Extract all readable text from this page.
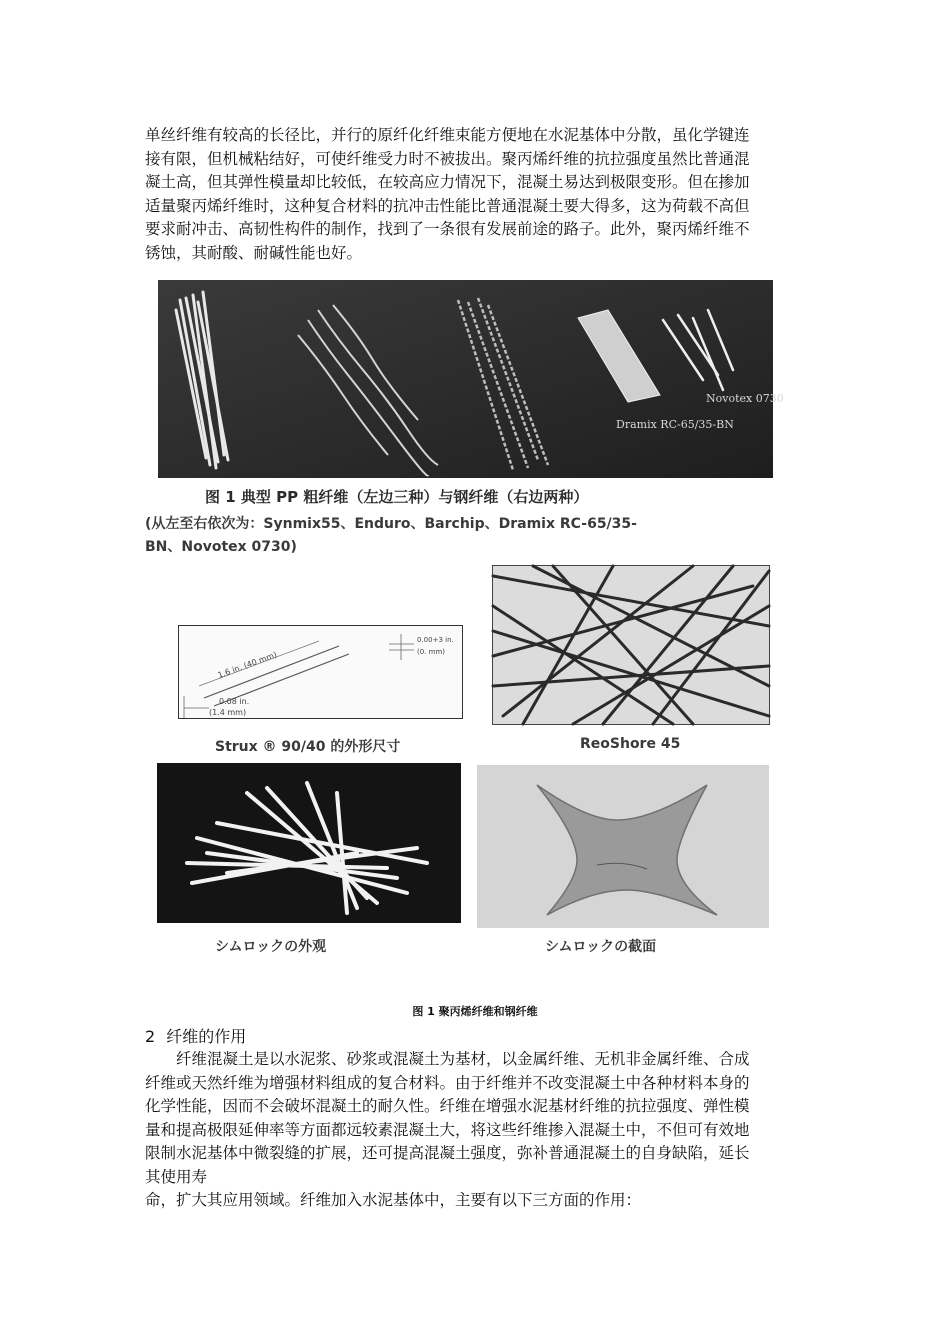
单丝纤维有较高的长径比，并行的原纤化纤维束能方便地在水泥基体中分散，虽化学键连
接有限，但机械粘结好，可使纤维受力时不被拔出。聚丙烯纤维的抗拉强度虽然比普通混
凝土高，但其弹性模量却比较低，在较高应力情况下，混凝土易达到极限变形。但在掺加
适量聚丙烯纤维时，这种复合材料的抗冲击性能比普通混凝土要大得多，这为荷载不高但
要求耐冲击、高韧性构件的制作，找到了一条很有发展前途的路子。此外，聚丙烯纤维不
锈蚀，其耐酸、耐碱性能也好。
Novotex 0730
Dramix RC-65/35-BN
图 1 典型 PP 粗纤维（左边三种）与钢纤维（右边两种）
(从左至右依次为：Synmix55、Enduro、Barchip、Dramix RC-65/35-
BN、Novotex 0730)
1.6 in. (40 mm)
0.08 in.
(1.4 mm)
0.00+3 in.
(0. mm)
Strux ® 90/40 的外形尺寸	ReoShore 45
シムロックの外观	シムロックの截面
图 1 聚丙烯纤维和钢纤维
2 纤维的作用
　　纤维混凝土是以水泥浆、砂浆或混凝土为基材，以金属纤维、无机非金属纤维、合成
纤维或天然纤维为增强材料组成的复合材料。由于纤维并不改变混凝土中各种材料本身的
化学性能，因而不会破坏混凝土的耐久性。纤维在增强水泥基材纤维的抗拉强度、弹性模
量和提高极限延伸率等方面都远较素混凝土大，将这些纤维掺入混凝土中，不但可有效地
限制水泥基体中微裂缝的扩展，还可提高混凝土强度，弥补普通混凝土的自身缺陷，延长
其使用寿
命，扩大其应用领域。纤维加入水泥基体中，主要有以下三方面的作用：
